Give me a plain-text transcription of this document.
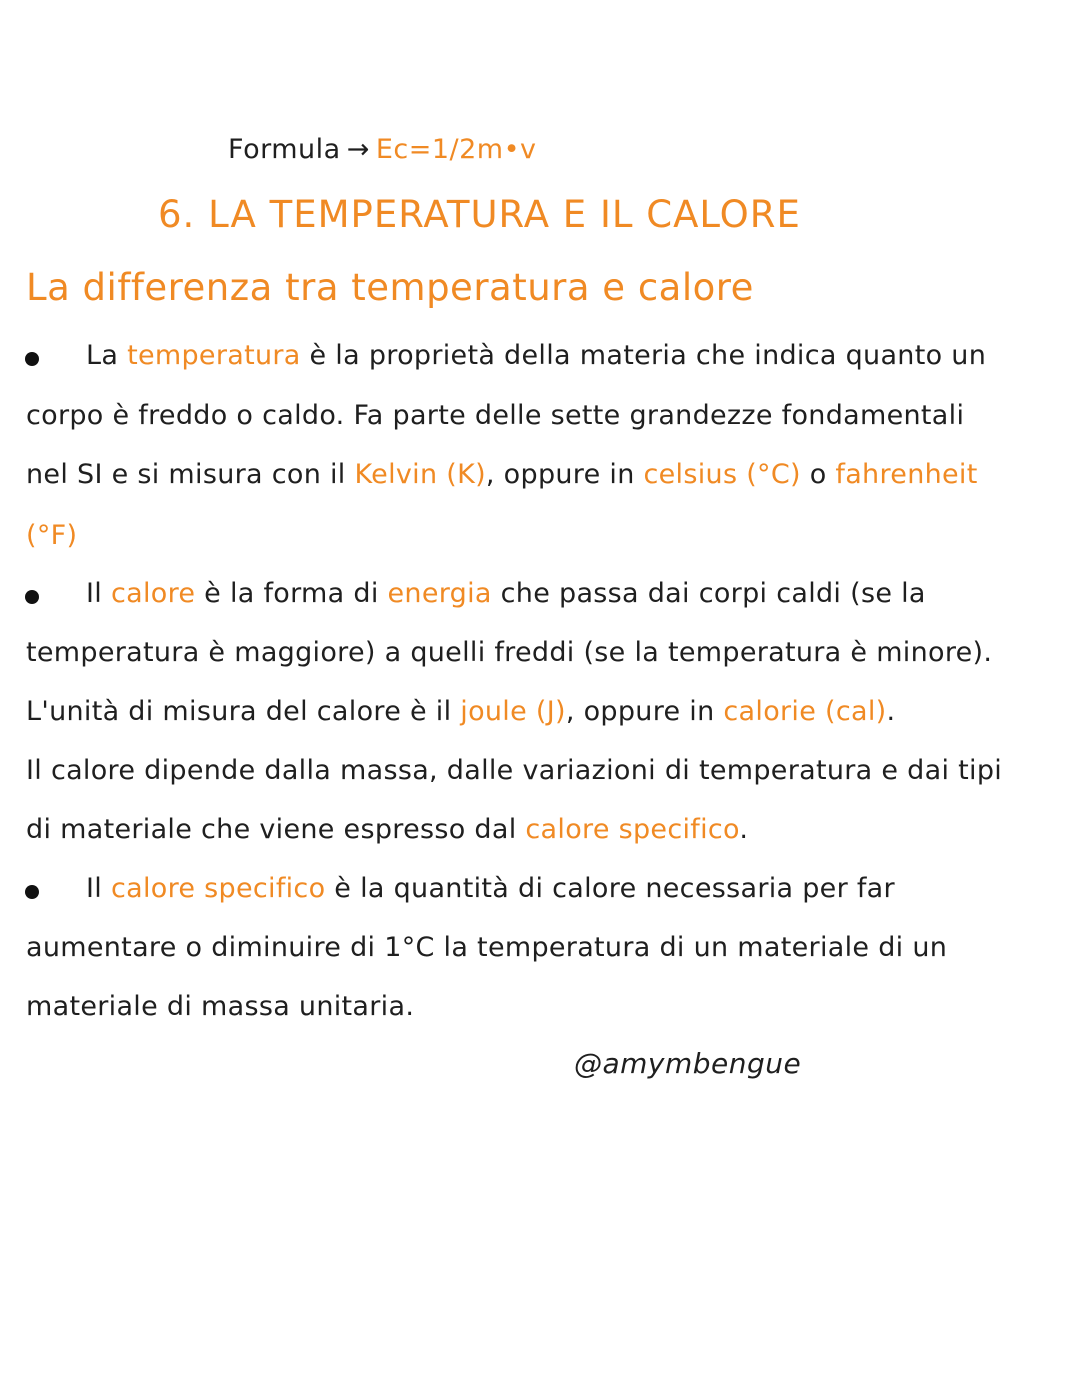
Formula → Ec=1/2m•v
6. LA TEMPERATURA E IL CALORE
La differenza tra temperatura e calore
La temperatura è la proprietà della materia che indica quanto un
corpo è freddo o caldo. Fa parte delle sette grandezze fondamentali
nel SI e si misura con il Kelvin (K), oppure in celsius (°C) o fahrenheit
(°F)
Il calore è la forma di energia che passa dai corpi caldi (se la
temperatura è maggiore) a quelli freddi (se la temperatura è minore).
L'unità di misura del calore è il joule (J), oppure in calorie (cal).
Il calore dipende dalla massa, dalle variazioni di temperatura e dai tipi
di materiale che viene espresso dal calore specifico.
Il calore specifico è la quantità di calore necessaria per far
aumentare o diminuire di 1°C la temperatura di un materiale di un
materiale di massa unitaria.
@amymbengue
